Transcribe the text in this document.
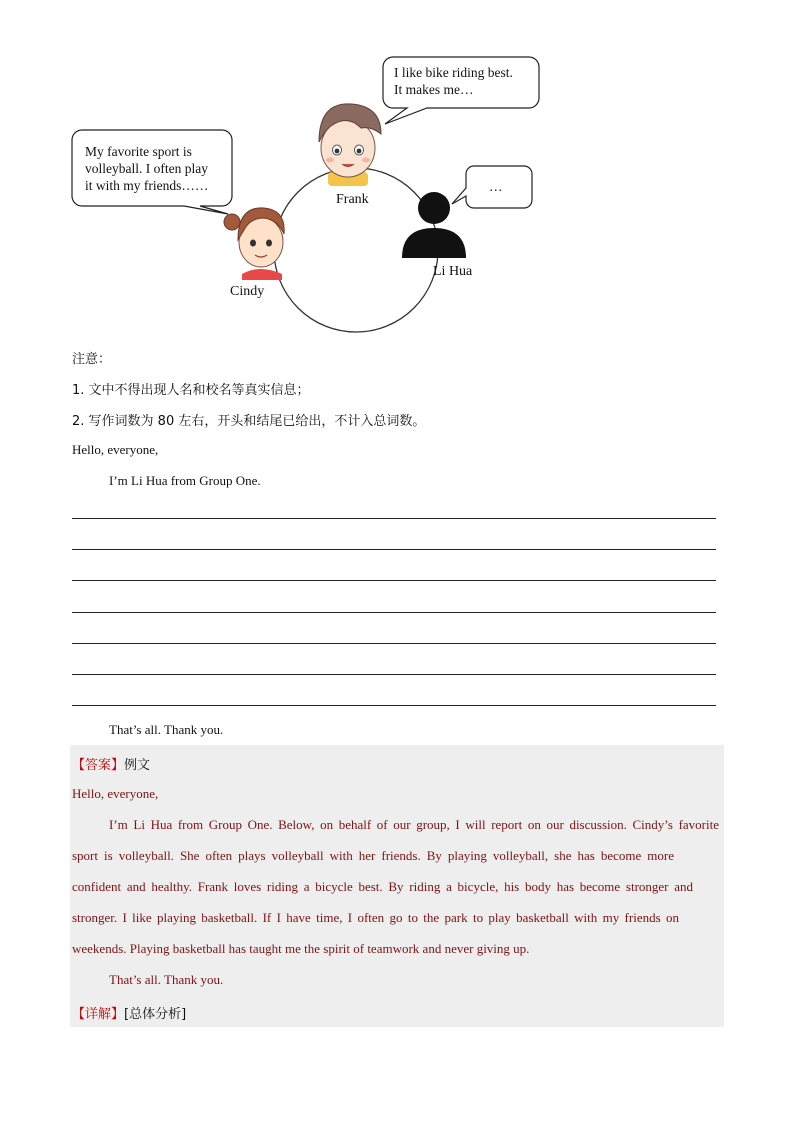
My favorite sport is
volleyball. I often play
it with my friends……
I like bike riding best.
It makes me…
…
Frank
Cindy
Li Hua
注意：
1. 文中不得出现人名和校名等真实信息；
2. 写作词数为 80 左右，开头和结尾已给出，不计入总词数。
Hello, everyone,
I’m Li Hua from Group One.
That’s all. Thank you.
【答案】例文
Hello, everyone,
I’m Li Hua from Group One. Below, on behalf of our group, I will report on our discussion. Cindy’s favorite
sport is volleyball. She often plays volleyball with her friends. By playing volleyball, she has become more
confident and healthy. Frank loves riding a bicycle best. By riding a bicycle, his body has become stronger and
stronger. I like playing basketball. If I have time, I often go to the park to play basketball with my friends on
weekends. Playing basketball has taught me the spirit of teamwork and never giving up.
That’s all. Thank you.
【详解】[总体分析]
